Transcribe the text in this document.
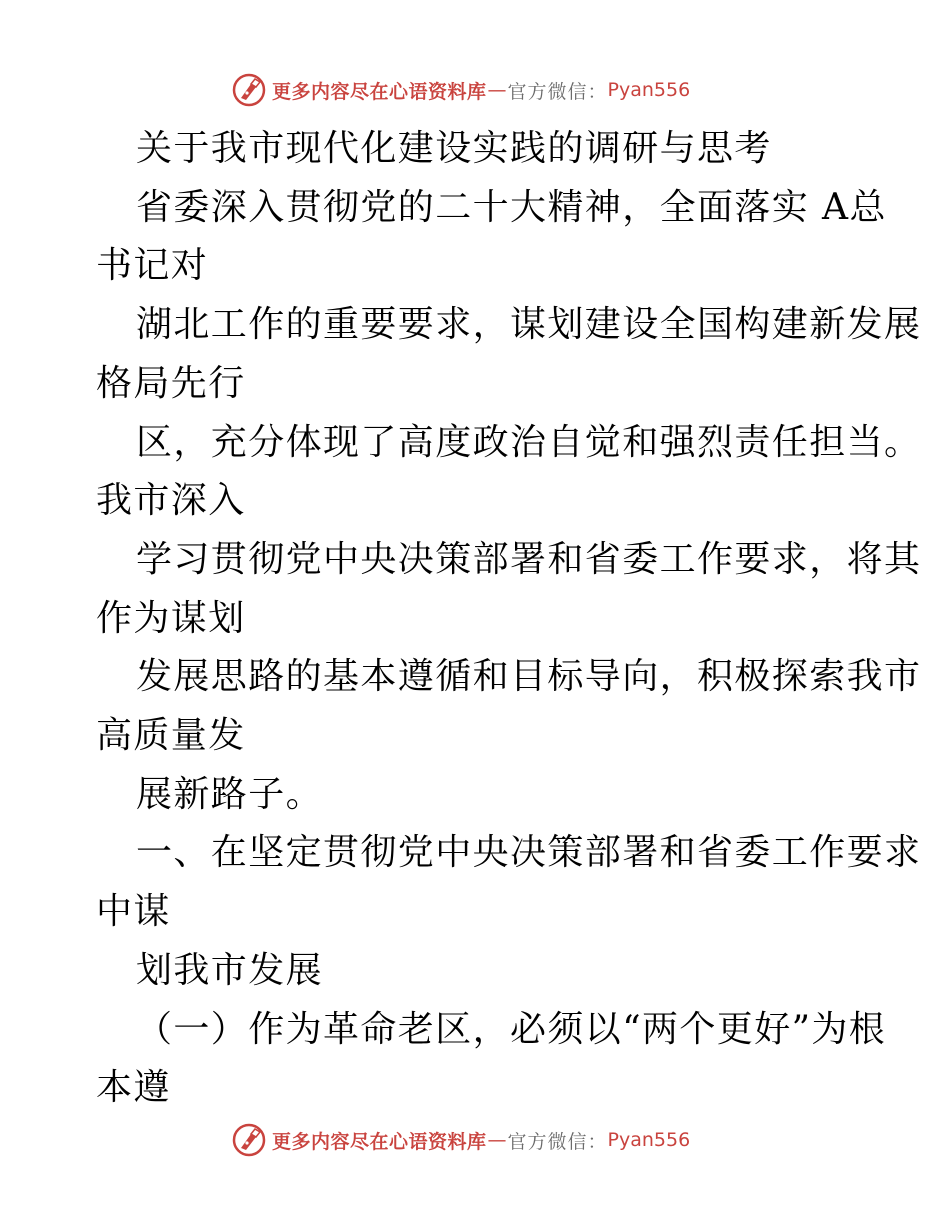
更多内容尽在心语资料库 — 官方微信： Pyan556
关于我市现代化建设实践的调研与思考
省委深入贯彻党的二十大精神，全面落实 A总
书记对
湖北工作的重要要求，谋划建设全国构建新发展
格局先行
区，充分体现了高度政治自觉和强烈责任担当。
我市深入
学习贯彻党中央决策部署和省委工作要求，将其
作为谋划
发展思路的基本遵循和目标导向，积极探索我市
高质量发
展新路子。
一、在坚定贯彻党中央决策部署和省委工作要求
中谋
划我市发展
（一）作为革命老区，必须以“两个更好”为根
本遵
更多内容尽在心语资料库 — 官方微信： Pyan556
